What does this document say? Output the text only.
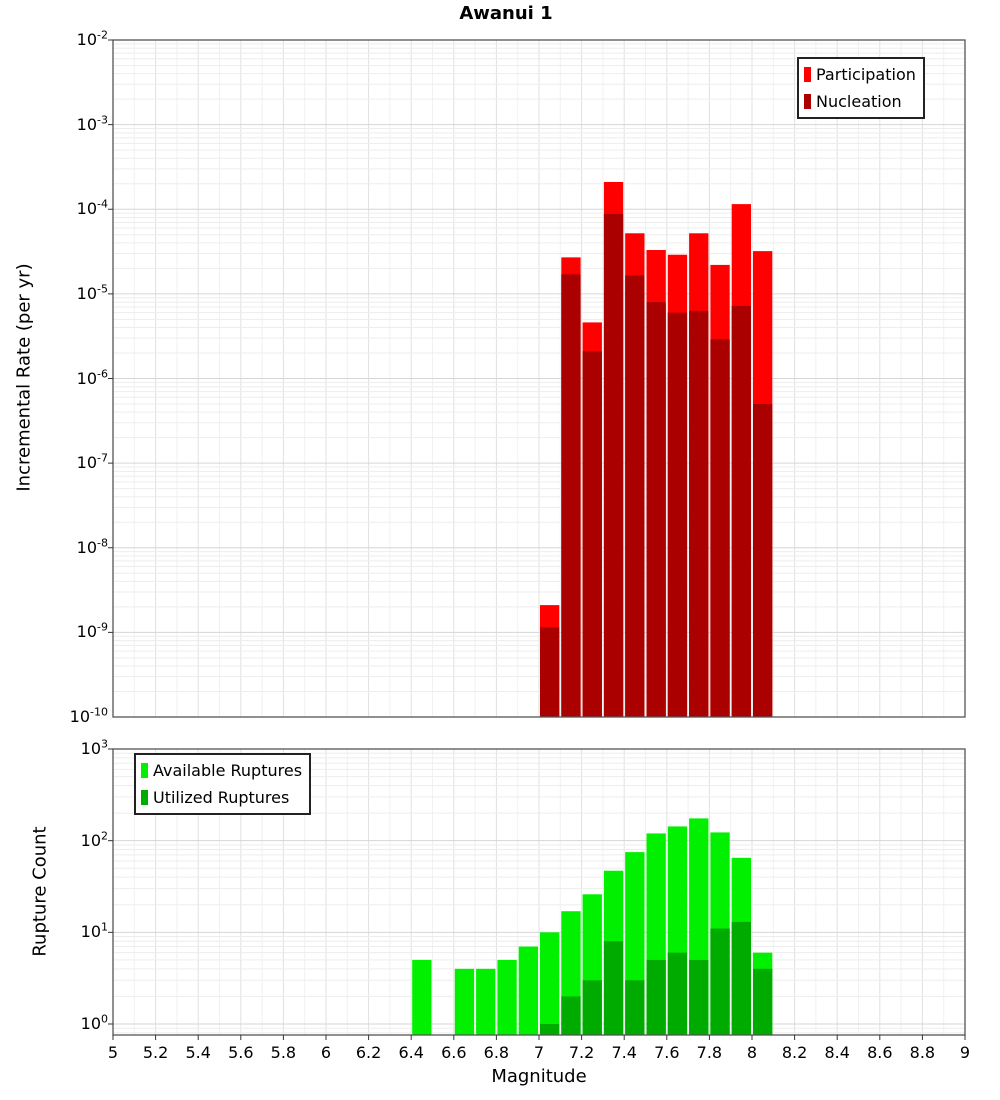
Awanui 1
Incremental Rate (per yr)
Rupture Count
Magnitude
$10^{-2}$
$10^{-3}$
$10^{-4}$
$10^{-5}$
$10^{-6}$
$10^{-7}$
$10^{-8}$
$10^{-9}$
$10^{-10}$
$10^3$
$10^2$
$10^1$
$10^0$
5	5.2	5.4	5.6	5.8	6	6.2	6.4	6.6	6.8	7	7.2	7.4	7.6	7.8	8	8.2	8.4	8.6	8.8	9
Participation
Nucleation
Available Ruptures
Utilized Ruptures
